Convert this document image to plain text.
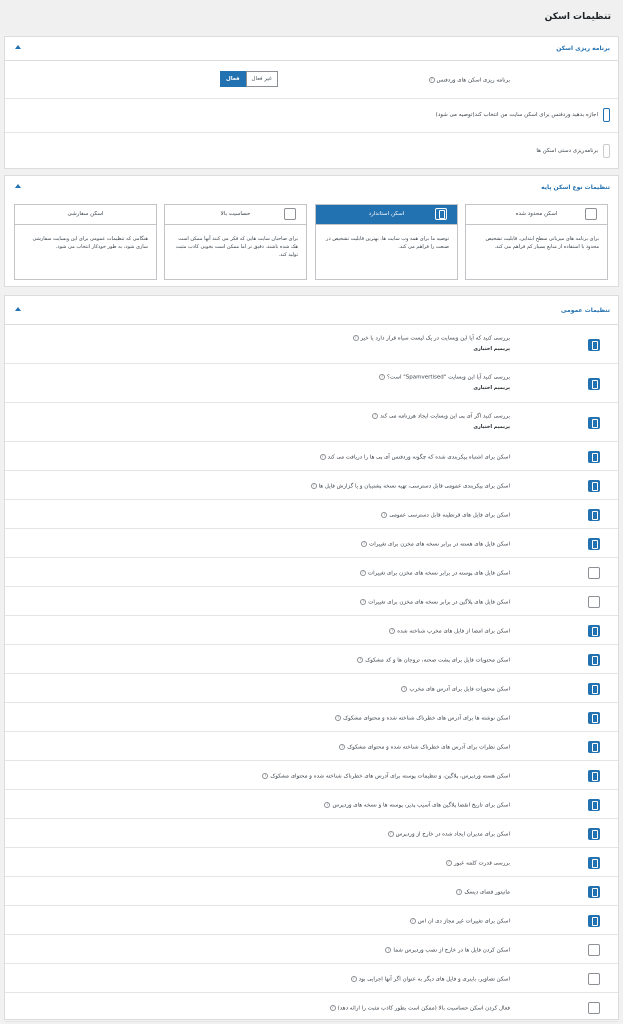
تنظیمات اسکن
برنامه ریزی اسکن
برنامه ریزی اسکن های وردفنس?
فعال	غیر فعال
اجازه بدهید وردفنس برای اسکن سایت من انتخاب کند(توصیه می شود)
برنامه‌ریزی دستی اسکن ها
تنظیمات نوع اسکن پایه
اسکن محدود شده
برای برنامه های میزبانی سطح ابتدایی. قابلیت تشخیص محدود با استفاده از منابع بسیار کم فراهم می کند.
اسکن استاندارد
توصیه ما برای همه وب سایت ها. بهترین قابلیت تشخیص در صنعت را فراهم می کند.
حساسیت بالا
برای صاحبان سایت هایی که فکر می کنند آنها ممکن است هک شده باشند. دقیق تر اما ممکن است بخوبی کاذب مثبت تولید کند.
اسکن سفارشی
هنگامی که تنظیمات عمومی برای این وبسایت سفارشی سازی شود، به طور خودکار انتخاب می شود.
تنظیمات عمومی
بررسی کنید که آیا این وبسایت در یک لیست سیاه قرار دارد یا خیر?
پریمیم اختیاری
بررسی کنید آیا این وبسایت "Spamvertised" است؟?
پریمیم اختیاری
بررسی کنید اگر آی پی این وبسایت ایجاد هرزنامه می کند?
پریمیم اختیاری
اسکن برای اشتباه پیکربندی شده که چگونه وردفنس آی پی ها را دریافت می کند?
اسکن برای پیکربندی عمومی قابل دسترسی، تهیه نسخه پشتیبان و یا گزارش فایل ها?
اسکن برای فایل های قرنطینه قابل دسترسی عمومی?
اسکن فایل های هسته در برابر نسخه های مخزن برای تغییرات?
اسکن فایل های پوسته در برابر نسخه های مخزن برای تغییرات?
اسکن فایل های پلاگین در برابر نسخه های مخزن برای تغییرات?
اسکن برای امضا از فایل های مخرب شناخته شده?
اسکن محتویات فایل برای پشت صحنه، تروجان ها و کد مشکوک?
اسکن محتویات فایل برای آدرس های مخرب?
اسکن نوشته ها برای آدرس های خطرناک شناخته شده و محتوای مشکوک?
اسکن نظرات برای آدرس های خطرناک شناخته شده و محتوای مشکوک?
اسکن هسته وردپرس، پلاگین، و تنظیمات پوسته برای آدرس های خطرناک شناخته شده و محتوای مشکوک?
اسکن برای تاریخ انقضا پلاگین های آسیب پذیر، پوسته ها و نسخه های وردپرس?
اسکن برای مدیران ایجاد شده در خارج از وردپرس?
بررسی قدرت کلمه عبور?
مانیتور فضای دیسک?
اسکن برای تغییرات غیر مجاز دی ان اس?
اسکن کردن فایل ها در خارج از نصب وردپرس شما?
اسکن تصاویر، باینری و فایل های دیگر به عنوان اگر آنها اجرایی بود?
فعال کردن اسکن حساسیت بالا (ممکن است بطور کاذب مثبت را ارائه دهد)?
